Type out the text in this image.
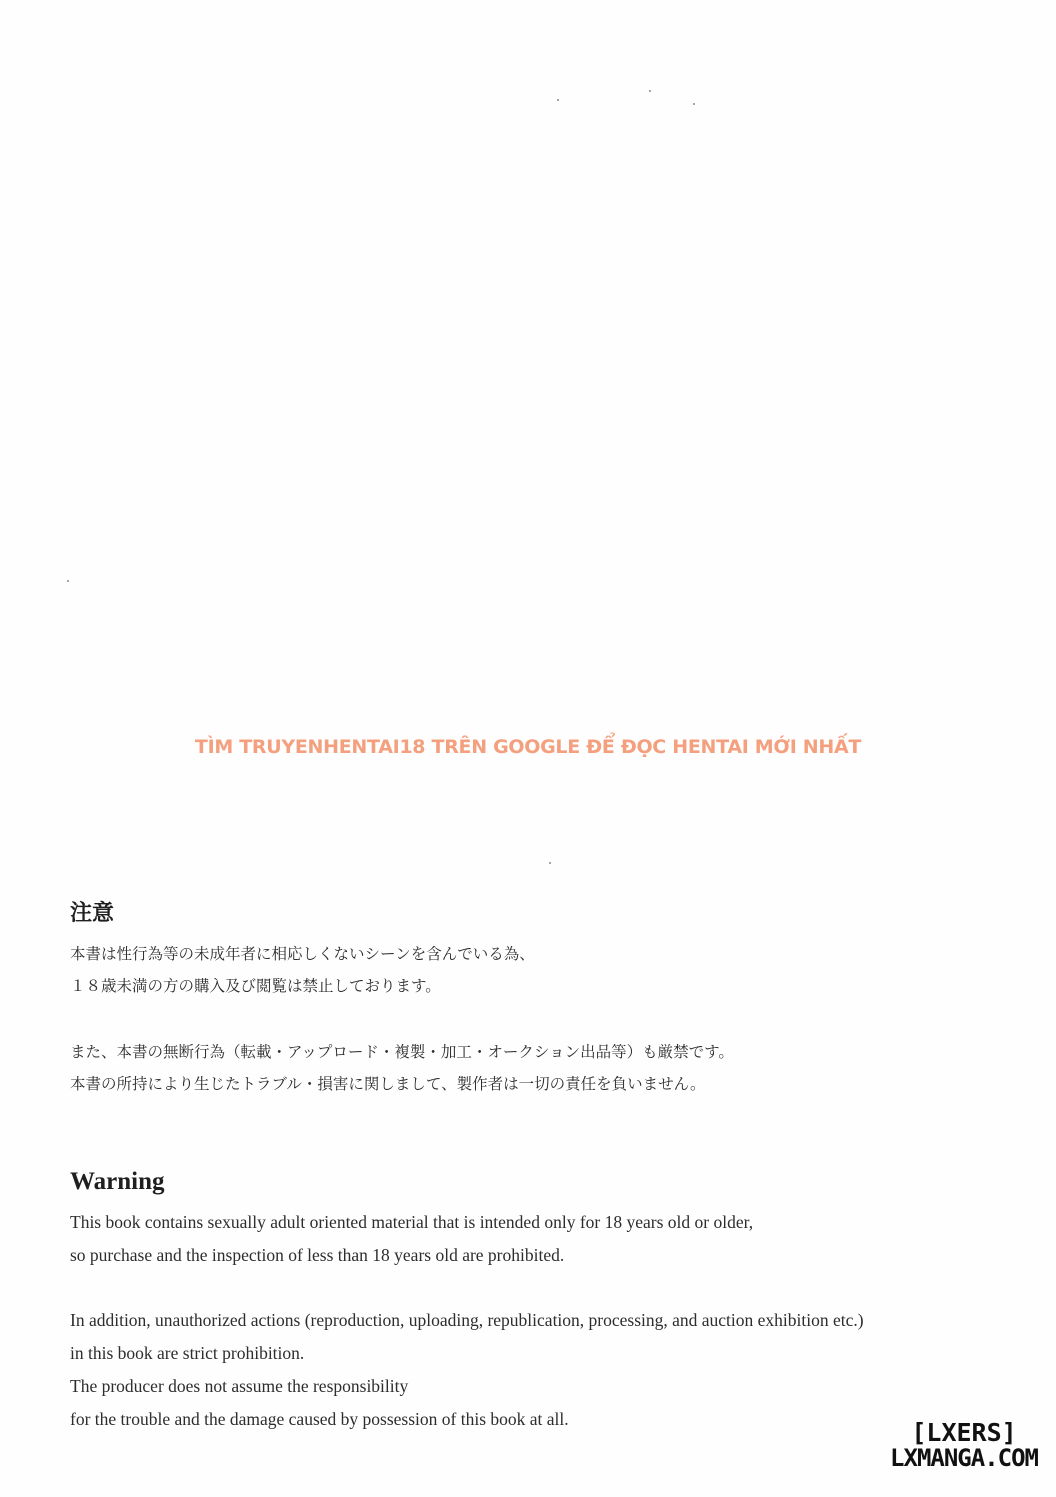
TÌM TRUYENHENTAI18 TRÊN GOOGLE ĐỂ ĐỌC HENTAI MỚI NHẤT
注意

本書は性行為等の未成年者に相応しくないシーンを含んでいる為、

１８歳未満の方の購入及び閲覧は禁止しております。

また、本書の無断行為（転載・アップロード・複製・加工・オークション出品等）も厳禁です。

本書の所持により生じたトラブル・損害に関しまして、製作者は一切の責任を負いません。

Warning

This book contains sexually adult oriented material that is intended only for 18 years old or older,

so purchase and the inspection of less than 18 years old are prohibited.

In addition, unauthorized actions (reproduction, uploading, republication, processing, and auction exhibition etc.)

in this book are strict prohibition.

The producer does not assume the responsibility

for the trouble and the damage caused by possession of this book at all.	[LXERS]
LXMANGA.COM
